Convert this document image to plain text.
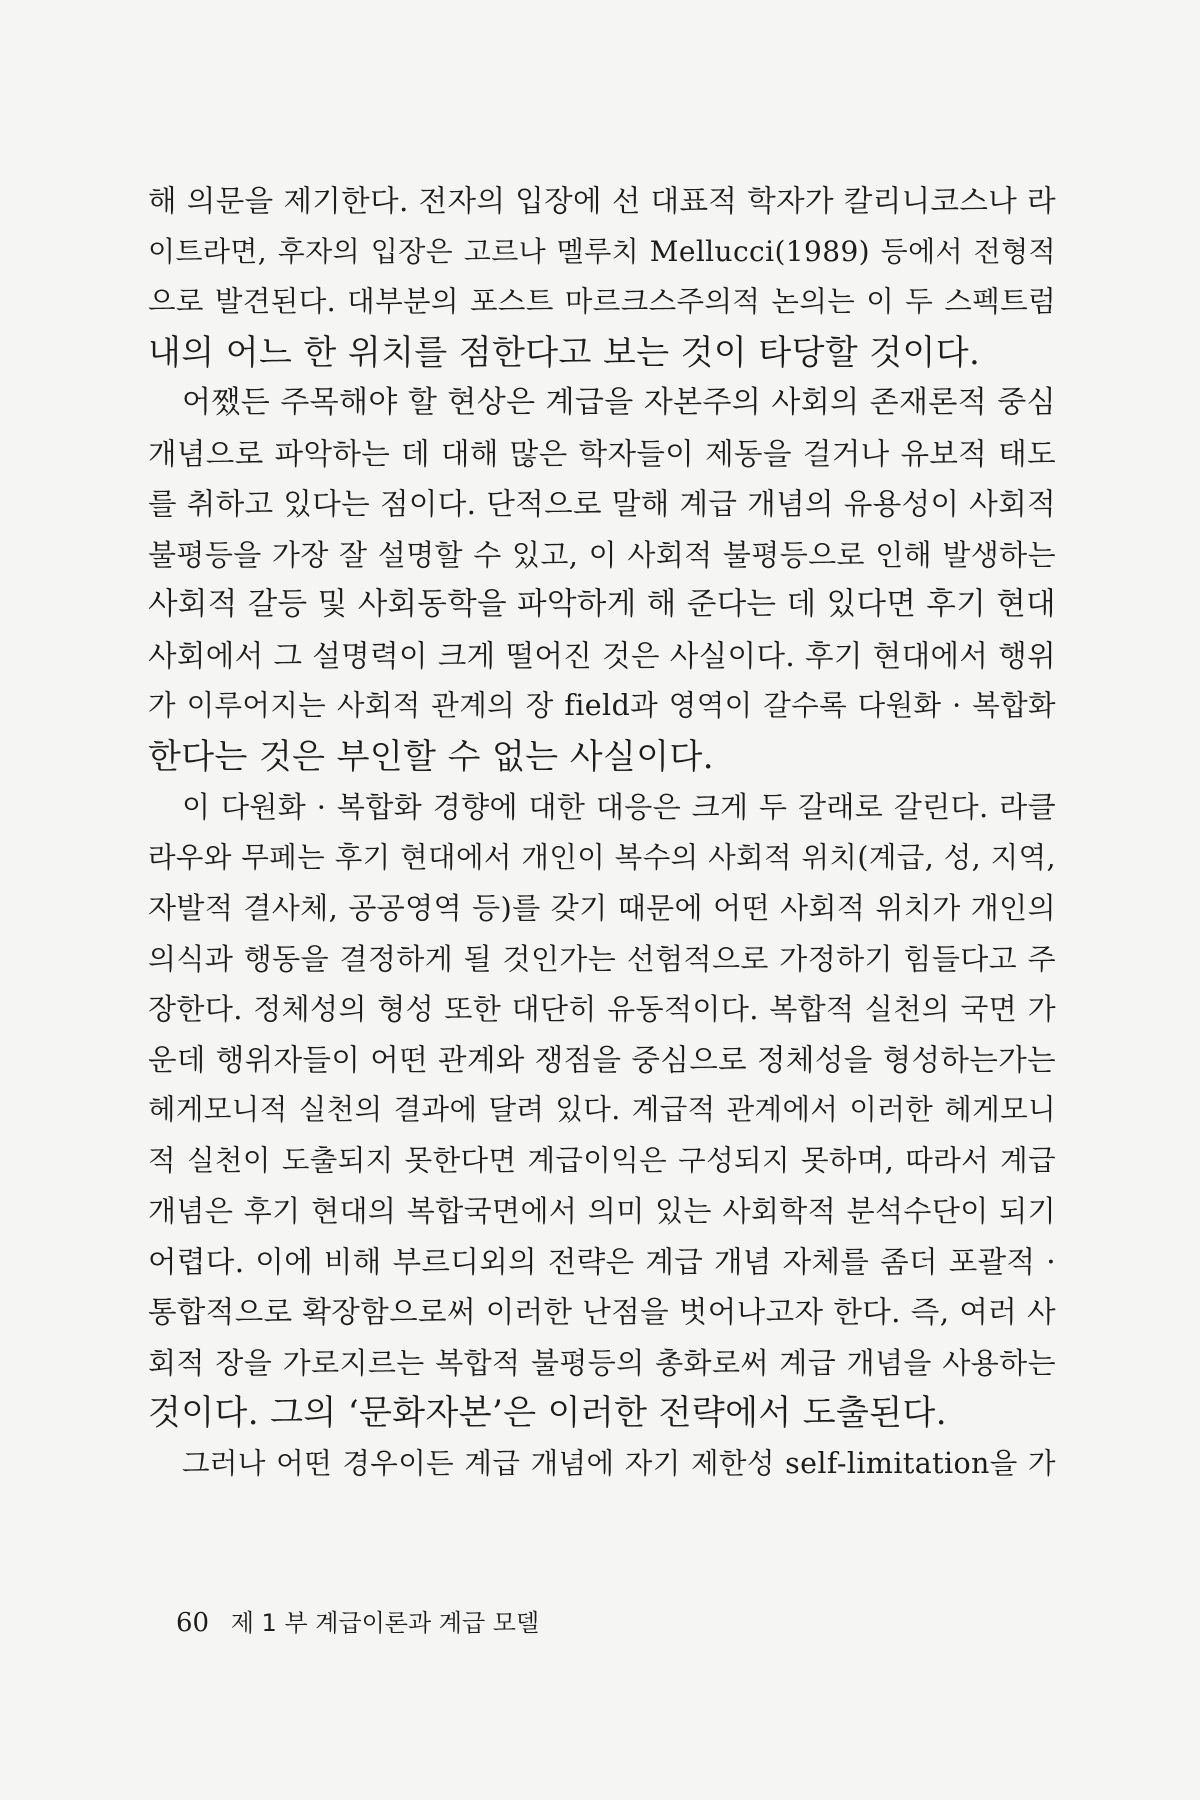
해 의문을 제기한다. 전자의 입장에 선 대표적 학자가 칼리니코스나 라
이트라면, 후자의 입장은 고르나 멜루치 Mellucci(1989) 등에서 전형적
으로 발견된다. 대부분의 포스트 마르크스주의적 논의는 이 두 스펙트럼
내의 어느 한 위치를 점한다고 보는 것이 타당할 것이다.
어쨌든 주목해야 할 현상은 계급을 자본주의 사회의 존재론적 중심
개념으로 파악하는 데 대해 많은 학자들이 제동을 걸거나 유보적 태도
를 취하고 있다는 점이다. 단적으로 말해 계급 개념의 유용성이 사회적
불평등을 가장 잘 설명할 수 있고, 이 사회적 불평등으로 인해 발생하는
사회적 갈등 및 사회동학을 파악하게 해 준다는 데 있다면 후기 현대
사회에서 그 설명력이 크게 떨어진 것은 사실이다. 후기 현대에서 행위
가 이루어지는 사회적 관계의 장 field과 영역이 갈수록 다원화 · 복합화
한다는 것은 부인할 수 없는 사실이다.
이 다원화 · 복합화 경향에 대한 대응은 크게 두 갈래로 갈린다. 라클
라우와 무페는 후기 현대에서 개인이 복수의 사회적 위치(계급, 성, 지역,
자발적 결사체, 공공영역 등)를 갖기 때문에 어떤 사회적 위치가 개인의
의식과 행동을 결정하게 될 것인가는 선험적으로 가정하기 힘들다고 주
장한다. 정체성의 형성 또한 대단히 유동적이다. 복합적 실천의 국면 가
운데 행위자들이 어떤 관계와 쟁점을 중심으로 정체성을 형성하는가는
헤게모니적 실천의 결과에 달려 있다. 계급적 관계에서 이러한 헤게모니
적 실천이 도출되지 못한다면 계급이익은 구성되지 못하며, 따라서 계급
개념은 후기 현대의 복합국면에서 의미 있는 사회학적 분석수단이 되기
어렵다. 이에 비해 부르디외의 전략은 계급 개념 자체를 좀더 포괄적 ·
통합적으로 확장함으로써 이러한 난점을 벗어나고자 한다. 즉, 여러 사
회적 장을 가로지르는 복합적 불평등의 총화로써 계급 개념을 사용하는
것이다. 그의 ‘문화자본’은 이러한 전략에서 도출된다.
그러나 어떤 경우이든 계급 개념에 자기 제한성 self-limitation을 가
60 제 1 부 계급이론과 계급 모델
